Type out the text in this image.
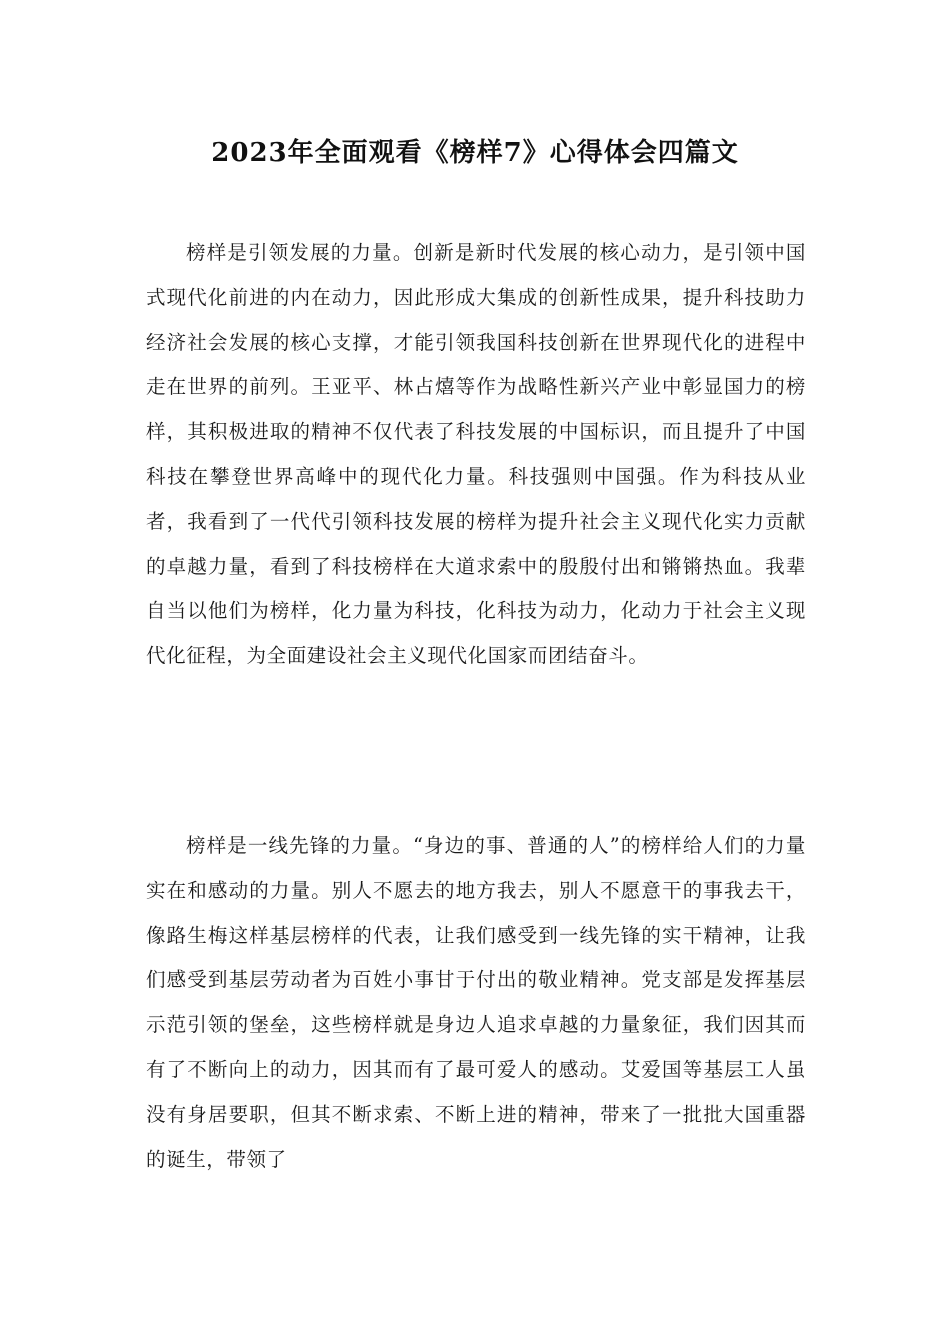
2023年全面观看《榜样7》心得体会四篇文

榜样是引领发展的力量。创新是新时代发展的核心动力，是引领中国式现代化前进的内在动力，因此形成大集成的创新性成果，提升科技助力经济社会发展的核心支撑，才能引领我国科技创新在世界现代化的进程中走在世界的前列。王亚平、林占熺等作为战略性新兴产业中彰显国力的榜样，其积极进取的精神不仅代表了科技发展的中国标识，而且提升了中国科技在攀登世界高峰中的现代化力量。科技强则中国强。作为科技从业者，我看到了一代代引领科技发展的榜样为提升社会主义现代化实力贡献的卓越力量，看到了科技榜样在大道求索中的殷殷付出和锵锵热血。我辈自当以他们为榜样，化力量为科技，化科技为动力，化动力于社会主义现代化征程，为全面建设社会主义现代化国家而团结奋斗。

榜样是一线先锋的力量。“身边的事、普通的人”的榜样给人们的力量实在和感动的力量。别人不愿去的地方我去，别人不愿意干的事我去干，像路生梅这样基层榜样的代表，让我们感受到一线先锋的实干精神，让我们感受到基层劳动者为百姓小事甘于付出的敬业精神。党支部是发挥基层示范引领的堡垒，这些榜样就是身边人追求卓越的力量象征，我们因其而有了不断向上的动力，因其而有了最可爱人的感动。艾爱国等基层工人虽没有身居要职，但其不断求索、不断上进的精神，带来了一批批大国重器的诞生，带领了
